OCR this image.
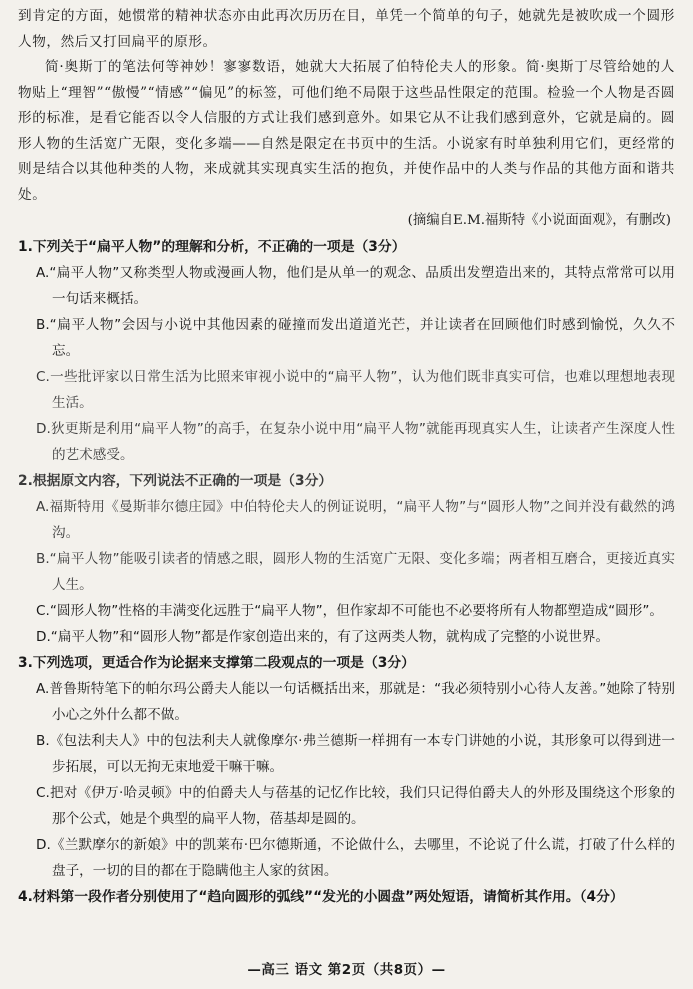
到肯定的方面，她惯常的精神状态亦由此再次历历在目，单凭一个简单的句子，她就先是被吹成一个圆形人物，然后又打回扁平的原形。

简·奥斯丁的笔法何等神妙！寥寥数语，她就大大拓展了伯特伦夫人的形象。简·奥斯丁尽管给她的人物贴上“理智”“傲慢”“情感”“偏见”的标签，可他们绝不局限于这些品性限定的范围。检验一个人物是否圆形的标准，是看它能否以令人信服的方式让我们感到意外。如果它从不让我们感到意外，它就是扁的。圆形人物的生活宽广无限，变化多端——自然是限定在书页中的生活。小说家有时单独利用它们，更经常的则是结合以其他种类的人物，来成就其实现真实生活的抱负，并使作品中的人类与作品的其他方面和谐共处。

(摘编自E.M.福斯特《小说面面观》，有删改)

1.下列关于“扁平人物”的理解和分析，不正确的一项是（3分）

A.“扁平人物”又称类型人物或漫画人物，他们是从单一的观念、品质出发塑造出来的，其特点常常可以用一句话来概括。

B.“扁平人物”会因与小说中其他因素的碰撞而发出道道光芒，并让读者在回顾他们时感到愉悦，久久不忘。

C.一些批评家以日常生活为比照来审视小说中的“扁平人物”，认为他们既非真实可信，也难以理想地表现生活。

D.狄更斯是利用“扁平人物”的高手，在复杂小说中用“扁平人物”就能再现真实人生，让读者产生深度人性的艺术感受。

2.根据原文内容，下列说法不正确的一项是（3分）

A.福斯特用《曼斯菲尔德庄园》中伯特伦夫人的例证说明，“扁平人物”与“圆形人物”之间并没有截然的鸿沟。

B.“扁平人物”能吸引读者的情感之眼，圆形人物的生活宽广无限、变化多端；两者相互磨合，更接近真实人生。

C.“圆形人物”性格的丰满变化远胜于“扁平人物”，但作家却不可能也不必要将所有人物都塑造成“圆形”。

D.“扁平人物”和“圆形人物”都是作家创造出来的，有了这两类人物，就构成了完整的小说世界。

3.下列选项，更适合作为论据来支撑第二段观点的一项是（3分）

A.普鲁斯特笔下的帕尔玛公爵夫人能以一句话概括出来，那就是：“我必须特别小心待人友善。”她除了特别小心之外什么都不做。

B.《包法利夫人》中的包法利夫人就像摩尔·弗兰德斯一样拥有一本专门讲她的小说，其形象可以得到进一步拓展，可以无拘无束地爱干嘛干嘛。

C.把对《伊万·哈灵顿》中的伯爵夫人与蓓基的记忆作比较，我们只记得伯爵夫人的外形及围绕这个形象的那个公式，她是个典型的扁平人物，蓓基却是圆的。

D.《兰默摩尔的新娘》中的凯莱布·巴尔德斯通，不论做什么，去哪里，不论说了什么谎，打破了什么样的盘子，一切的目的都在于隐瞒他主人家的贫困。

4.材料第一段作者分别使用了“趋向圆形的弧线”“发光的小圆盘”两处短语，请简析其作用。（4分）

—高三 语文 第2页（共8页）—
